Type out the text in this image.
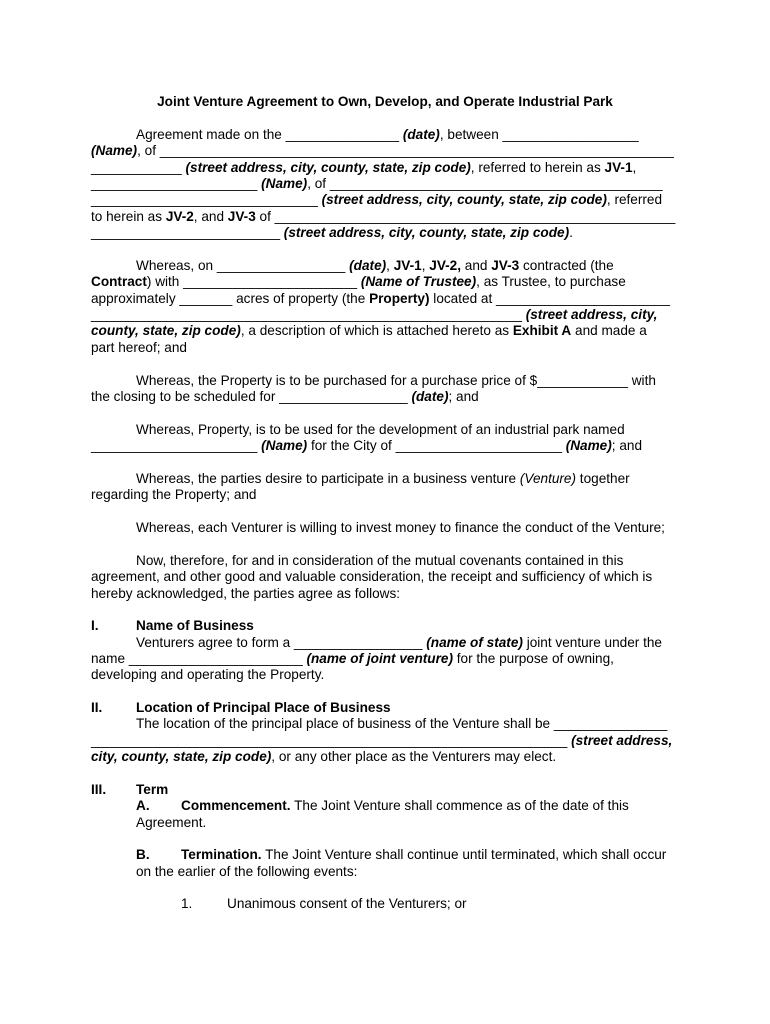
Joint Venture Agreement to Own, Develop, and Operate Industrial Park
Agreement made on the _______________ (date), between __________________
(Name), of ____________________________________________________________________
____________ (street address, city, county, state, zip code), referred to herein as JV-1,
______________________ (Name), of ____________________________________________
______________________________ (street address, city, county, state, zip code), referred
to herein as JV-2, and JV-3 of _____________________________________________________
_________________________ (street address, city, county, state, zip code).
Whereas, on _________________ (date), JV-1, JV-2, and JV-3 contracted (the
Contract) with _______________________ (Name of Trustee), as Trustee, to purchase
approximately _______ acres of property (the Property) located at _______________________
_________________________________________________________ (street address, city,
county, state, zip code), a description of which is attached hereto as Exhibit A and made a
part hereof; and
Whereas, the Property is to be purchased for a purchase price of $____________ with
the closing to be scheduled for _________________ (date); and
Whereas, Property, is to be used for the development of an industrial park named
______________________ (Name) for the City of ______________________ (Name); and
Whereas, the parties desire to participate in a business venture (Venture) together
regarding the Property; and
Whereas, each Venturer is willing to invest money to finance the conduct of the Venture;
Now, therefore, for and in consideration of the mutual covenants contained in this
agreement, and other good and valuable consideration, the receipt and sufficiency of which is
hereby acknowledged, the parties agree as follows:
I.	Name of Business
Venturers agree to form a _________________ (name of state) joint venture under the
name _______________________ (name of joint venture) for the purpose of owning,
developing and operating the Property.
II. Location of Principal Place of Business
The location of the principal place of business of the Venture shall be _______________
_______________________________________________________________ (street address,
city, county, state, zip code), or any other place as the Venturers may elect.
III. Term
A. Commencement. The Joint Venture shall commence as of the date of this
Agreement.
B. Termination. The Joint Venture shall continue until terminated, which shall occur
on the earlier of the following events:
1.	Unanimous consent of the Venturers; or
